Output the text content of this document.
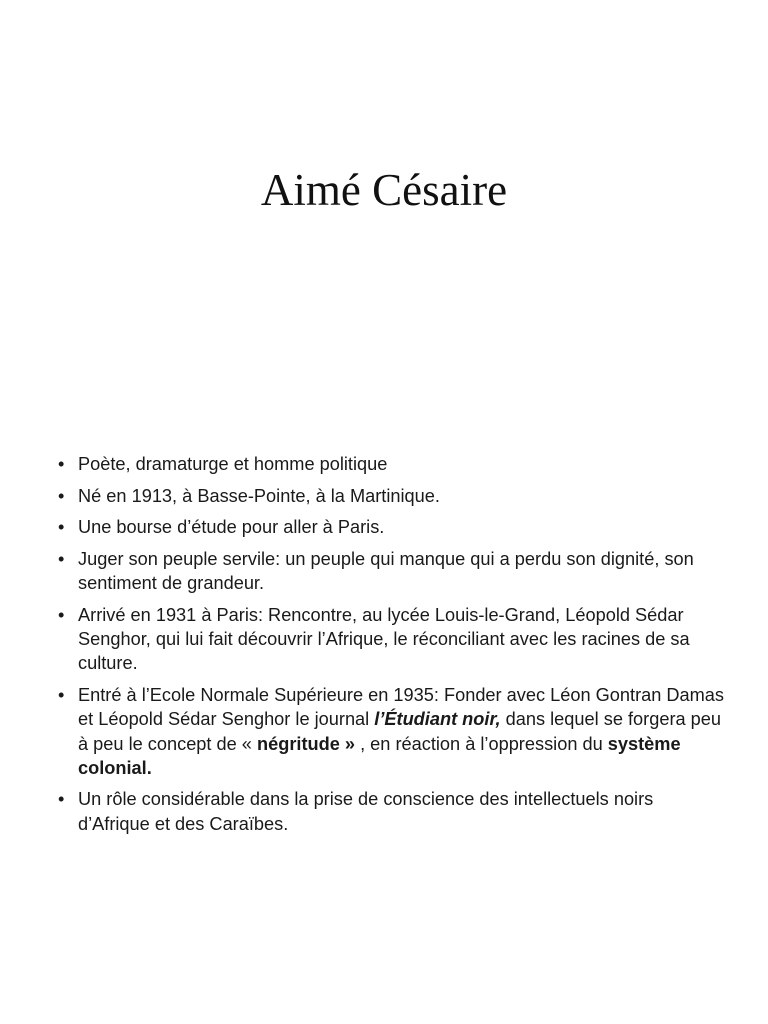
Aimé Césaire
• Poète, dramaturge et homme politique
• Né en 1913, à Basse-Pointe, à la Martinique.
• Une bourse d’étude pour aller à Paris.
• Juger son peuple servile: un peuple qui manque qui a perdu son dignité, son sentiment de grandeur.
• Arrivé en 1931 à Paris: Rencontre, au lycée Louis-le-Grand, Léopold Sédar Senghor, qui lui fait découvrir l’Afrique, le réconciliant avec les racines de sa culture.
• Entré à l’Ecole Normale Supérieure en 1935: Fonder avec Léon Gontran Damas et Léopold Sédar Senghor le journal l’Étudiant noir, dans lequel se forgera peu à peu le concept de « négritude » , en réaction à l’oppression du système colonial.
• Un rôle considérable dans la prise de conscience des intellectuels noirs d’Afrique et des Caraïbes.
